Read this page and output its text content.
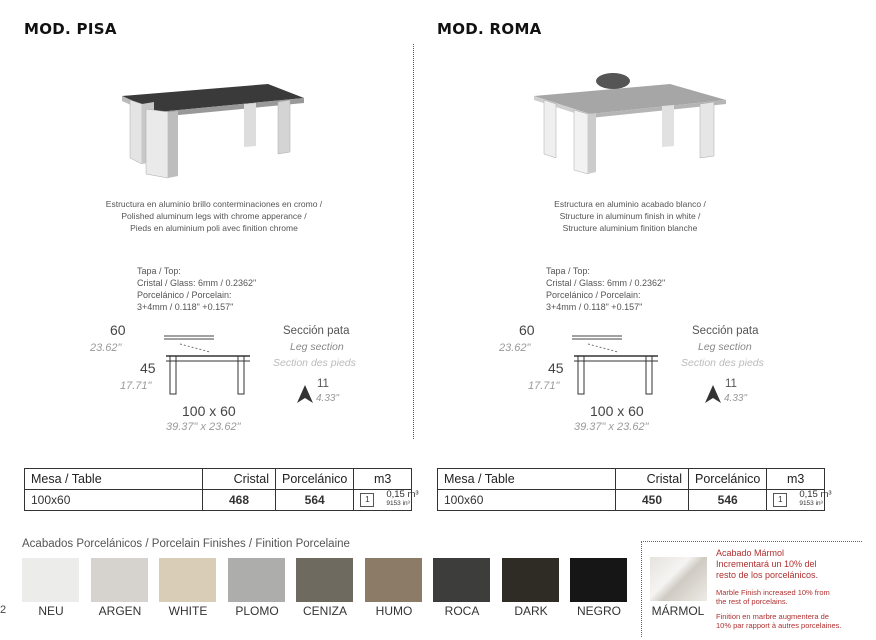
MOD. PISA
Estructura en aluminio brillo conterminaciones en cromo /
Polished aluminum legs with chrome apperance /
Pieds en aluminium poli avec finition chrome
Tapa / Top:
Cristal / Glass: 6mm / 0.2362"
Porcelánico / Porcelain:
3+4mm / 0.118" +0.157"
60
23.62"
45
17.71"
100 x 60
39.37" x 23.62"
Sección pata
Leg section
Section des pieds
11
4.33"
Mesa / Table	Cristal	Porcelánico	m3
100x60	468	564	1 0,15 m³
9153 in³
MOD. ROMA
Estructura en aluminio acabado blanco /
Structure in aluminum finish in white /
Structure aluminium finition blanche
Tapa / Top:
Cristal / Glass: 6mm / 0.2362"
Porcelánico / Porcelain:
3+4mm / 0.118" +0.157"
60
23.62"
45
17.71"
100 x 60
39.37" x 23.62"
Sección pata
Leg section
Section des pieds
11
4.33"
Mesa / Table	Cristal	Porcelánico	m3
100x60	450	546	1 0,15 m³
9153 in³
Acabados Porcelánicos / Porcelain Finishes / Finition Porcelaine
NEU	ARGEN	WHITE	PLOMO	CENIZA	HUMO	ROCA	DARK	NEGRO	MÁRMOL
Acabado Mármol
Incrementará un 10% del
resto de los porcelánicos.
Marble Finish increased 10% from
the rest of porcelains.
Finition en marbre augmentera de
10% par rapport à autres porcelaines.
2
